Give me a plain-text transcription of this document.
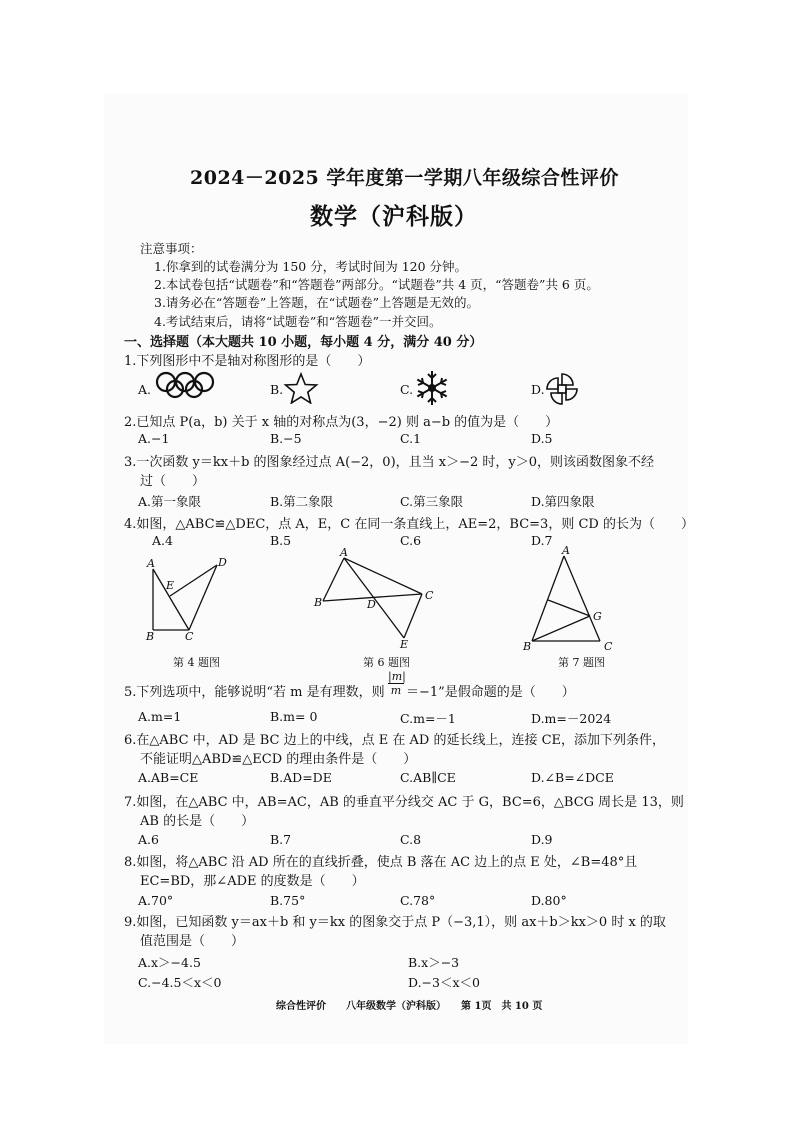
2024－2025 学年度第一学期八年级综合性评价
数学（沪科版）
注意事项：
1.你拿到的试卷满分为 150 分，考试时间为 120 分钟。
2.本试卷包括“试题卷”和“答题卷”两部分。“试题卷”共 4 页，“答题卷”共 6 页。
3.请务必在“答题卷”上答题，在“试题卷”上答题是无效的。
4.考试结束后，请将“试题卷”和“答题卷”一并交回。
一、选择题（本大题共 10 小题，每小题 4 分，满分 40 分）
1.下列图形中不是轴对称图形的是（　　）
A.	B.	C.	D.
2.已知点 P(a，b) 关于 x 轴的对称点为(3，−2) 则 a−b 的值为是（　　）
A.−1	B.−5	C.1	D.5
3.一次函数 y＝kx＋b 的图象经过点 A(−2，0)，且当 x＞−2 时，y＞0，则该函数图象不经
过（　　）
A.第一象限	B.第二象限	C.第三象限	D.第四象限
4.如图，△ABC≌△DEC，点 A，E，C 在同一条直线上，AE=2，BC=3，则 CD 的长为（　　）
A.4	B.5	C.6	D.7
A	D
E
B	C
第 4 题图
A
B	D
C
E
第 6 题图
A
G
B	C
第 7 题图
5.下列选项中，能够说明“若 m 是有理数，则 $\frac{|m|}{m} =-1$”是假命题的是（　　）
A.m=1	B.m= 0	C.m=－1	D.m=－2024
6.在△ABC 中，AD 是 BC 边上的中线，点 E 在 AD 的延长线上，连接 CE，添加下列条件，
不能证明△ABD≌△ECD 的理由条件是（　　）
A.AB=CE	B.AD=DE	C.AB∥CE	D.∠B=∠DCE
7.如图，在△ABC 中，AB=AC，AB 的垂直平分线交 AC 于 G，BC=6，△BCG 周长是 13，则
AB 的长是（　　）
A.6	B.7	C.8	D.9
8.如图，将△ABC 沿 AD 所在的直线折叠，使点 B 落在 AC 边上的点 E 处，∠B=48°且
EC=BD，那∠ADE 的度数是（　　）
A.70°	B.75°	C.78°	D.80°
9.如图，已知函数 y＝ax＋b 和 y＝kx 的图象交于点 P（−3,1），则 ax＋b＞kx＞0 时 x 的取
值范围是（　　）
A.x＞−4.5	B.x＞−3
C.−4.5＜x＜0	D.−3＜x＜0
综合性评价　　八年级数学（沪科版）　　第 1页　共 10 页
